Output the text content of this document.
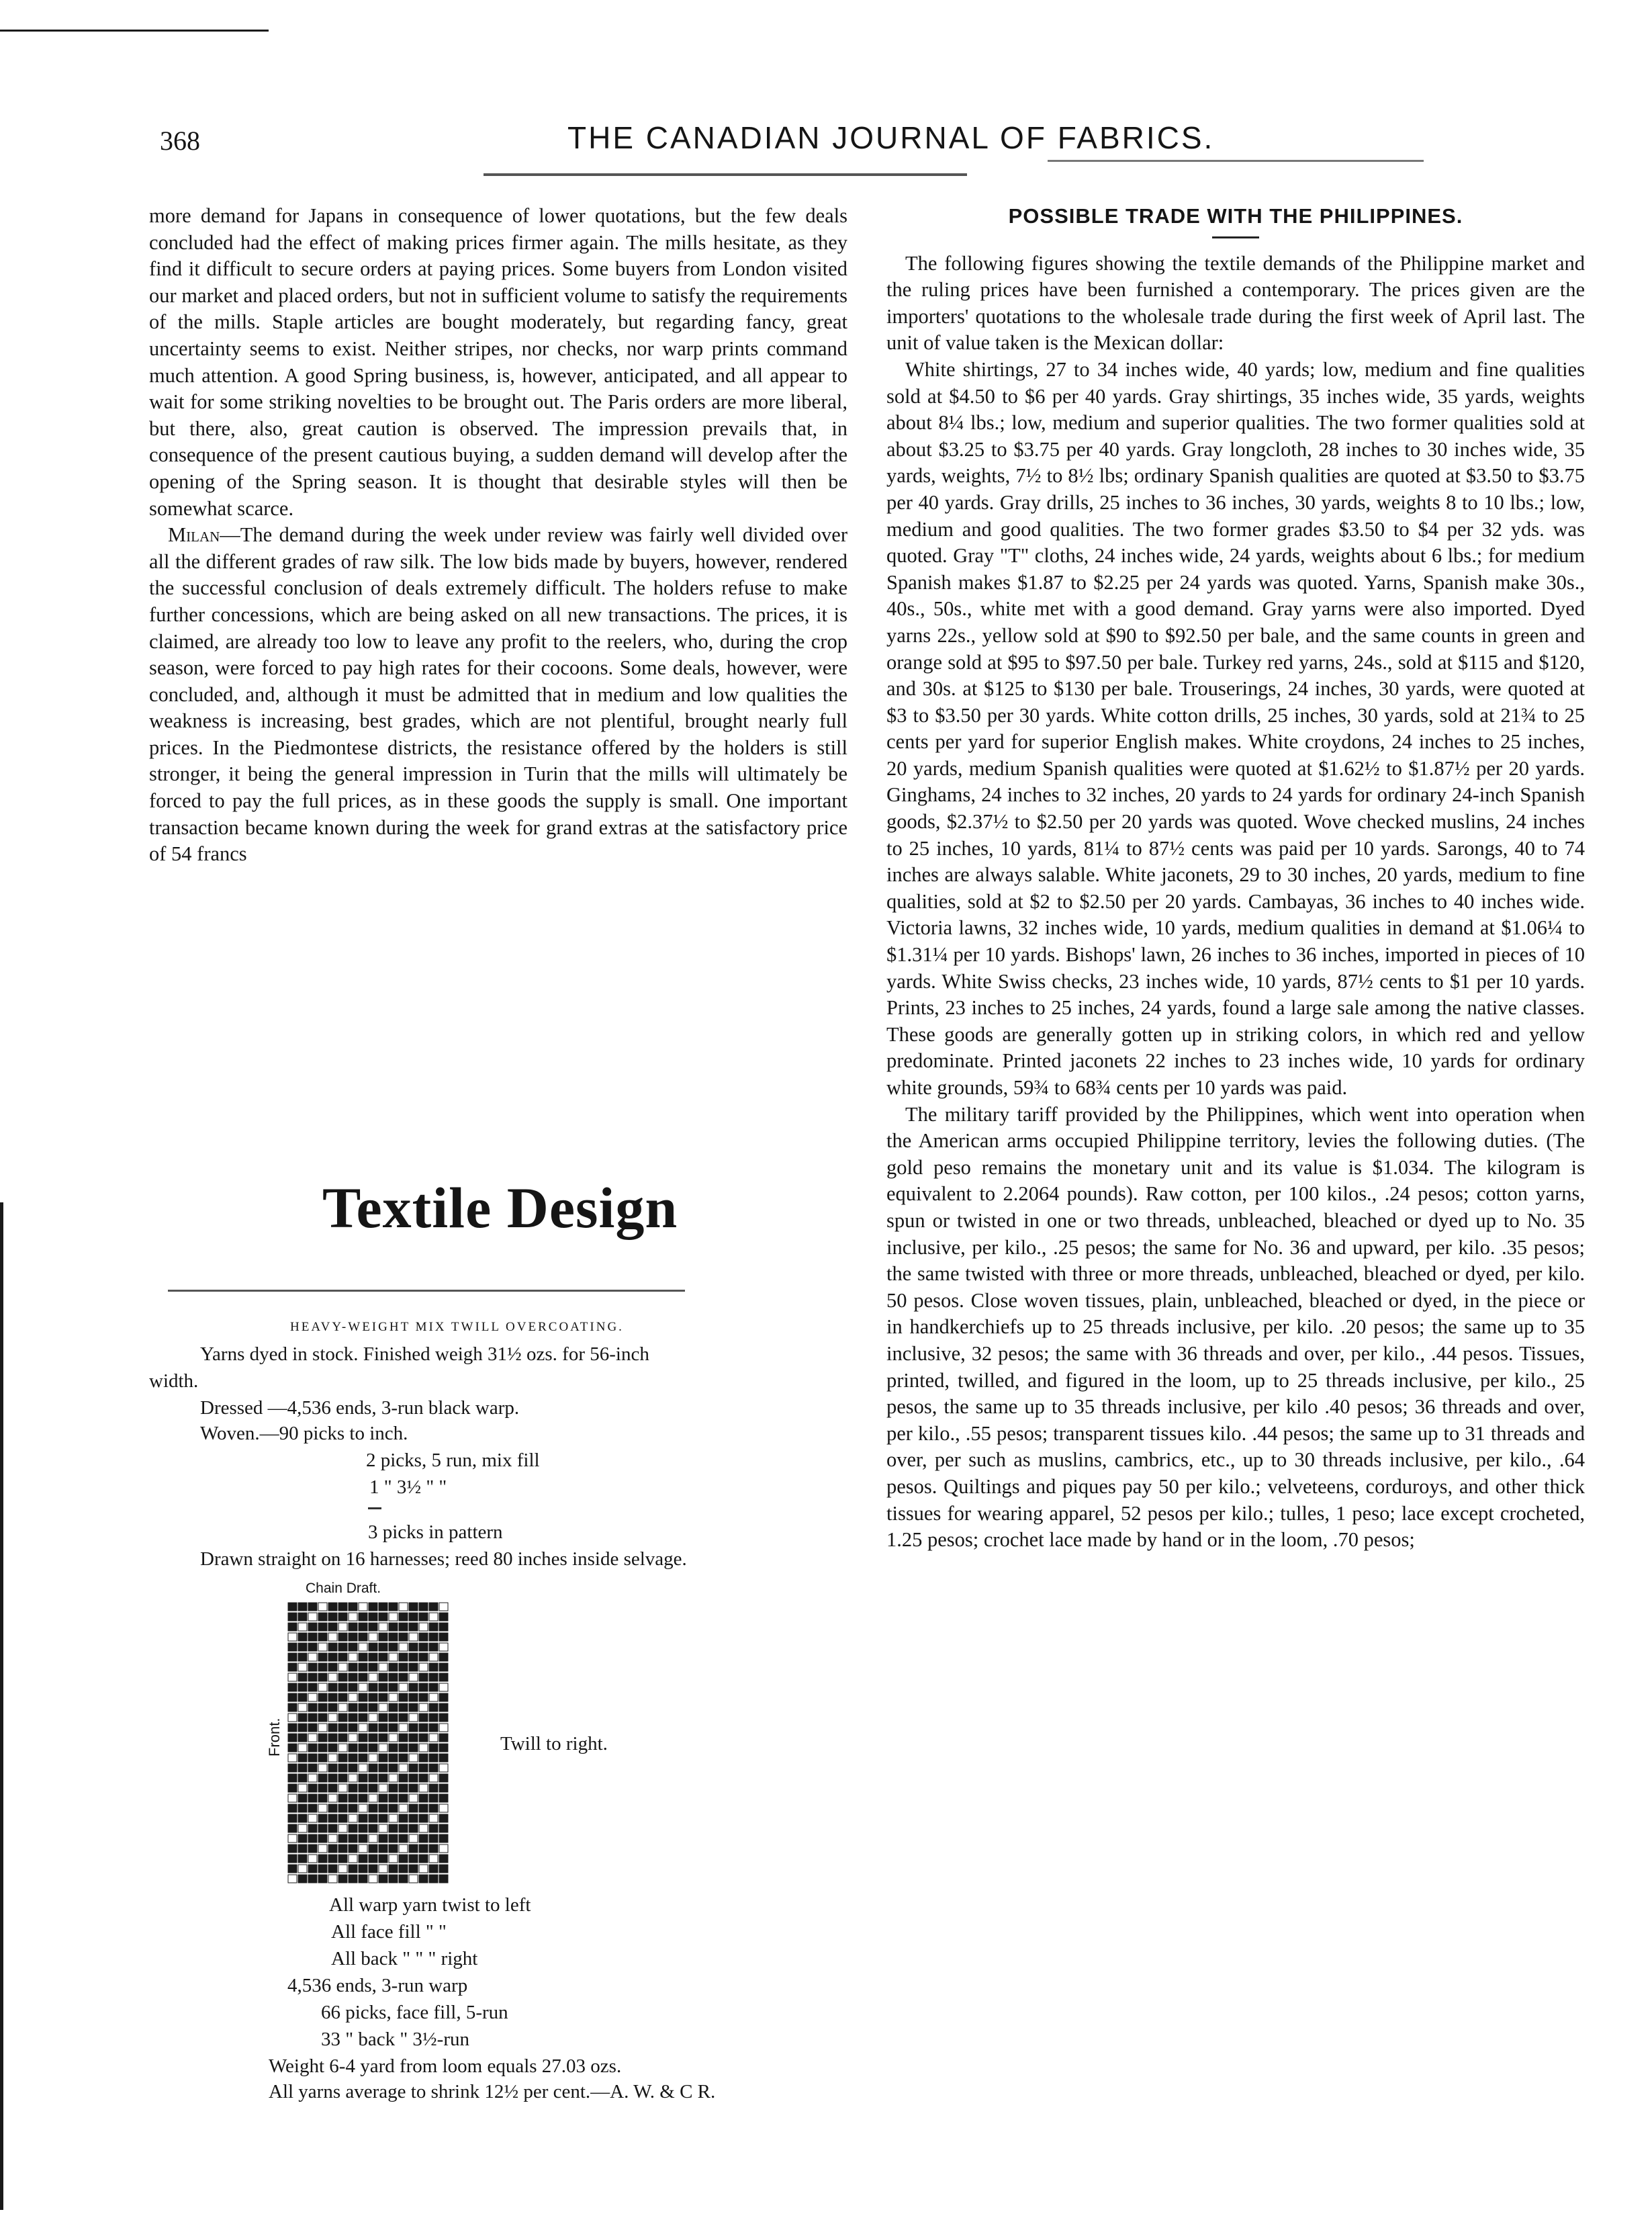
368	THE CANADIAN JOURNAL OF FABRICS.

more demand for Japans in consequence of lower quotations, but the few deals concluded had the effect of making prices firmer again. The mills hesitate, as they find it difficult to secure orders at paying prices. Some buyers from London visited our market and placed orders, but not in sufficient volume to satisfy the requirements of the mills. Staple articles are bought moderately, but regarding fancy, great uncertainty seems to exist. Neither stripes, nor checks, nor warp prints command much attention. A good Spring business, is, however, anticipated, and all appear to wait for some striking novelties to be brought out. The Paris orders are more liberal, but there, also, great caution is observed. The impression prevails that, in consequence of the present cautious buying, a sudden demand will develop after the opening of the Spring season. It is thought that desirable styles will then be somewhat scarce.

Milan—The demand during the week under review was fairly well divided over all the different grades of raw silk. The low bids made by buyers, however, rendered the successful conclusion of deals extremely difficult. The holders refuse to make further concessions, which are being asked on all new transactions. The prices, it is claimed, are already too low to leave any profit to the reelers, who, during the crop season, were forced to pay high rates for their cocoons. Some deals, however, were concluded, and, although it must be admitted that in medium and low qualities the weakness is increasing, best grades, which are not plentiful, brought nearly full prices. In the Piedmontese districts, the resistance offered by the holders is still stronger, it being the general impression in Turin that the mills will ultimately be forced to pay the full prices, as in these goods the supply is small. One important transaction became known during the week for grand extras at the satisfactory price of 54 francs

Textile Design
HEAVY-WEIGHT MIX TWILL OVERCOATING.
Yarns dyed in stock. Finished weigh 31½ ozs. for 56-inch
width.
Dressed —4,536 ends, 3-run black warp.
Woven.—90 picks to inch.
2 picks, 5 run, mix fill
1 " 3½ " "
3 picks in pattern
Drawn straight on 16 harnesses; reed 80 inches inside selvage.
Chain Draft.
Front.	Twill to right.
All warp yarn twist to left
All face fill " "
All back " " " right
4,536 ends, 3-run warp
66 picks, face fill, 5-run
33 " back " 3½-run
Weight 6-4 yard from loom equals 27.03 ozs.
All yarns average to shrink 12½ per cent.—A. W. & C R.
POSSIBLE TRADE WITH THE PHILIPPINES.

The following figures showing the textile demands of the Philippine market and the ruling prices have been furnished a contemporary. The prices given are the importers' quotations to the wholesale trade during the first week of April last. The unit of value taken is the Mexican dollar:

White shirtings, 27 to 34 inches wide, 40 yards; low, medium and fine qualities sold at $4.50 to $6 per 40 yards. Gray shirtings, 35 inches wide, 35 yards, weights about 8¼ lbs.; low, medium and superior qualities. The two former qualities sold at about $3.25 to $3.75 per 40 yards. Gray longcloth, 28 inches to 30 inches wide, 35 yards, weights, 7½ to 8½ lbs; ordinary Spanish qualities are quoted at $3.50 to $3.75 per 40 yards. Gray drills, 25 inches to 36 inches, 30 yards, weights 8 to 10 lbs.; low, medium and good qualities. The two former grades $3.50 to $4 per 32 yds. was quoted. Gray "T" cloths, 24 inches wide, 24 yards, weights about 6 lbs.; for medium Spanish makes $1.87 to $2.25 per 24 yards was quoted. Yarns, Spanish make 30s., 40s., 50s., white met with a good demand. Gray yarns were also imported. Dyed yarns 22s., yellow sold at $90 to $92.50 per bale, and the same counts in green and orange sold at $95 to $97.50 per bale. Turkey red yarns, 24s., sold at $115 and $120, and 30s. at $125 to $130 per bale. Trouserings, 24 inches, 30 yards, were quoted at $3 to $3.50 per 30 yards. White cotton drills, 25 inches, 30 yards, sold at 21¾ to 25 cents per yard for superior English makes. White croydons, 24 inches to 25 inches, 20 yards, medium Spanish qualities were quoted at $1.62½ to $1.87½ per 20 yards. Ginghams, 24 inches to 32 inches, 20 yards to 24 yards for ordinary 24-inch Spanish goods, $2.37½ to $2.50 per 20 yards was quoted. Wove checked muslins, 24 inches to 25 inches, 10 yards, 81¼ to 87½ cents was paid per 10 yards. Sarongs, 40 to 74 inches are always salable. White jaconets, 29 to 30 inches, 20 yards, medium to fine qualities, sold at $2 to $2.50 per 20 yards. Cambayas, 36 inches to 40 inches wide. Victoria lawns, 32 inches wide, 10 yards, medium qualities in demand at $1.06¼ to $1.31¼ per 10 yards. Bishops' lawn, 26 inches to 36 inches, imported in pieces of 10 yards. White Swiss checks, 23 inches wide, 10 yards, 87½ cents to $1 per 10 yards. Prints, 23 inches to 25 inches, 24 yards, found a large sale among the native classes. These goods are generally gotten up in striking colors, in which red and yellow predominate. Printed jaconets 22 inches to 23 inches wide, 10 yards for ordinary white grounds, 59¾ to 68¾ cents per 10 yards was paid.

The military tariff provided by the Philippines, which went into operation when the American arms occupied Philippine territory, levies the following duties. (The gold peso remains the monetary unit and its value is $1.034. The kilogram is equivalent to 2.2064 pounds). Raw cotton, per 100 kilos., .24 pesos; cotton yarns, spun or twisted in one or two threads, unbleached, bleached or dyed up to No. 35 inclusive, per kilo., .25 pesos; the same for No. 36 and upward, per kilo. .35 pesos; the same twisted with three or more threads, unbleached, bleached or dyed, per kilo. 50 pesos. Close woven tissues, plain, unbleached, bleached or dyed, in the piece or in handkerchiefs up to 25 threads inclusive, per kilo. .20 pesos; the same up to 35 inclusive, 32 pesos; the same with 36 threads and over, per kilo., .44 pesos. Tissues, printed, twilled, and figured in the loom, up to 25 threads inclusive, per kilo., 25 pesos, the same up to 35 threads inclusive, per kilo .40 pesos; 36 threads and over, per kilo., .55 pesos; transparent tissues kilo. .44 pesos; the same up to 31 threads and over, per such as muslins, cambrics, etc., up to 30 threads inclusive, per kilo., .64 pesos. Quiltings and piques pay 50 per kilo.; velveteens, corduroys, and other thick tissues for wearing apparel, 52 pesos per kilo.; tulles, 1 peso; lace except crocheted, 1.25 pesos; crochet lace made by hand or in the loom, .70 pesos;
